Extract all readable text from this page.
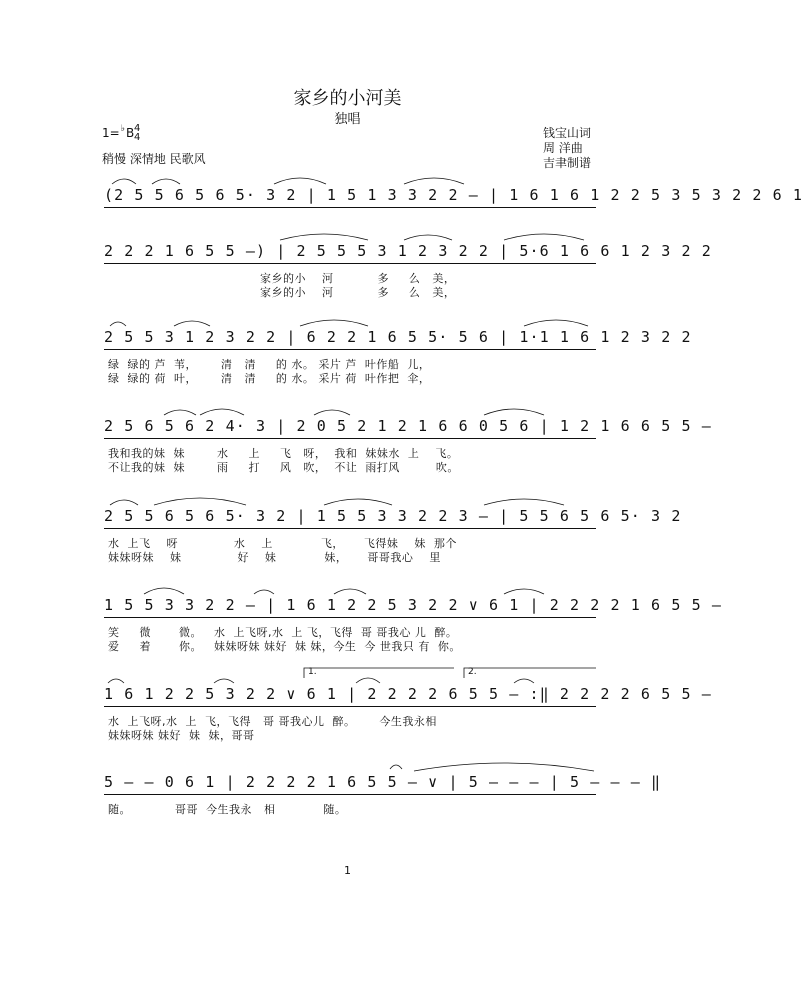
家乡的小河美
独唱
1=♭B 4
4
稍慢 深情地 民歌风
钱宝山词
周 洋曲
吉聿制谱
(2 5 5 6 5 6 5· 3 2 | 1 5 1 3 3 2 2 – | 1 6 1 6 1 2 2 5 3 5 3 2 2 6 1
2 2 2 1 6 5 5 –) | 2 5 5 5 3 1 2 3 2 2 | 5·6 1 6 6 1 2 3 2 2
家乡的小    河           多     么   美，
家乡的小    河           多     么   美，
2 5 5 3 1 2 3 2 2 | 6 2 2 1 6 5 5· 5 6 | 1·1 1 6 1 2 3 2 2
绿  绿的 芦  苇，      清   清     的 水。 采片 芦  叶作船  儿，
绿  绿的 荷  叶，      清   清     的 水。 采片 荷  叶作把  伞，
2 5 6 5 6 2 4· 3 | 2 0 5 2 1 2 1 6 6 0 5 6 | 1 2 1 6 6 5 5 –
我和我的妹  妹        水     上     飞   呀，  我和  妹妹水  上    飞。
不让我的妹  妹        雨     打     风   吹，  不让  雨打风         吹。
2 5 5 6 5 6 5· 3 2 | 1 5 5 3 3 2 2 3 – | 5 5 6 5 6 5· 3 2
水  上飞    呀              水    上            飞，     飞得妹    妹  那个
妹妹呀妹    妹              好    妹            妹，     哥哥我心    里
1 5 5 3 3 2 2 – | 1 6 1 2 2 5 3 2 2 ∨ 6 1 | 2 2 2 2 1 6 5 5 –
笑     微       微。   水  上飞呀,水  上 飞，飞得  哥 哥我心 儿  醉。
爱     着       你。   妹妹呀妹 妹好  妹 妹，今生  今 世我只 有  你。
1.	2.
1 6 1 2 2 5 3 2 2 ∨ 6 1 | 2 2 2 2 6 5 5 – :‖ 2 2 2 2 6 5 5 –
水  上飞呀,水  上  飞，飞得   哥 哥我心儿  醉。      今生我永相
妹妹呀妹 妹好  妹  妹，哥哥
5 – – 0 6 1 | 2 2 2 2 1 6 5 5 – ∨ | 5 – – – | 5 – – – ‖
随。           哥哥  今生我永   相            随。
1
